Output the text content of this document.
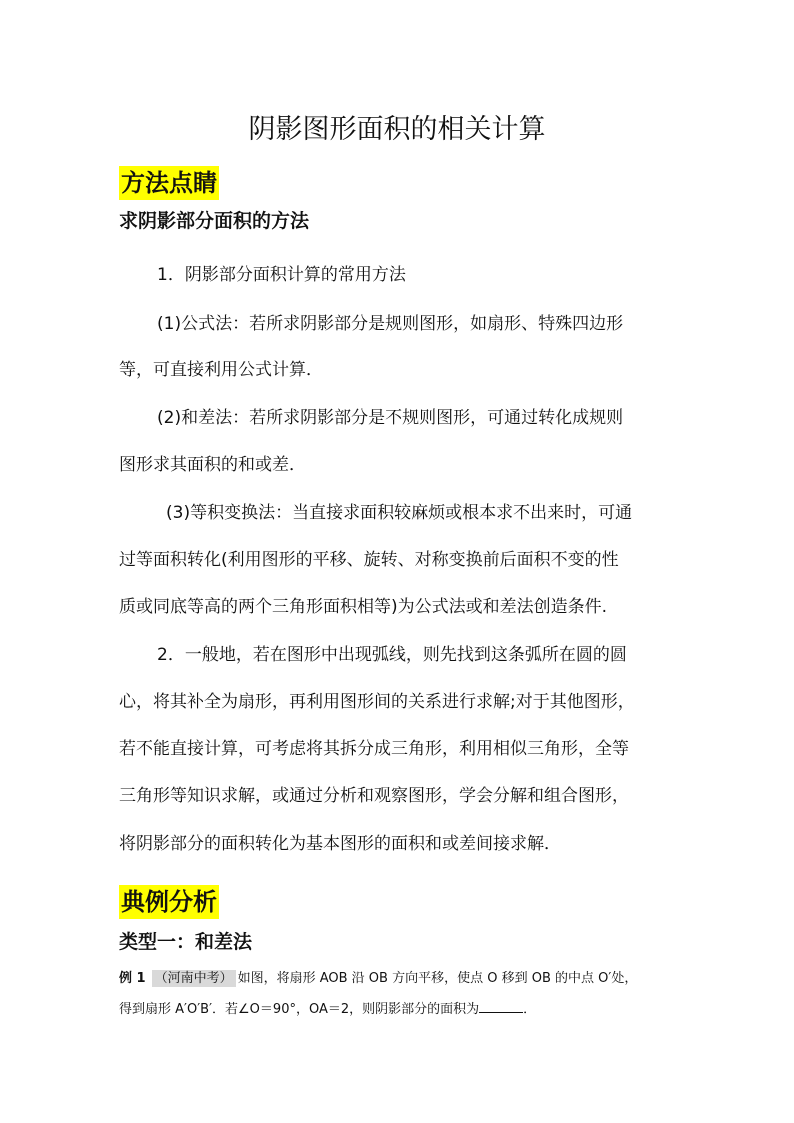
阴影图形面积的相关计算
方法点睛
求阴影部分面积的方法
1．阴影部分面积计算的常用方法
(1)公式法：若所求阴影部分是规则图形，如扇形、特殊四边形
等，可直接利用公式计算．
(2)和差法：若所求阴影部分是不规则图形，可通过转化成规则
图形求其面积的和或差．
(3)等积变换法：当直接求面积较麻烦或根本求不出来时，可通
过等面积转化(利用图形的平移、旋转、对称变换前后面积不变的性
质或同底等高的两个三角形面积相等)为公式法或和差法创造条件.
2．一般地，若在图形中出现弧线，则先找到这条弧所在圆的圆
心，将其补全为扇形，再利用图形间的关系进行求解;对于其他图形，
若不能直接计算，可考虑将其拆分成三角形，利用相似三角形，全等
三角形等知识求解，或通过分析和观察图形，学会分解和组合图形，
将阴影部分的面积转化为基本图形的面积和或差间接求解．
典例分析
类型一：和差法
例 1 （河南中考） 如图，将扇形 AOB 沿 OB 方向平移，使点 O 移到 OB 的中点 O′处，
得到扇形 A′O′B′．若∠O＝90°，OA＝2，则阴影部分的面积为	．
